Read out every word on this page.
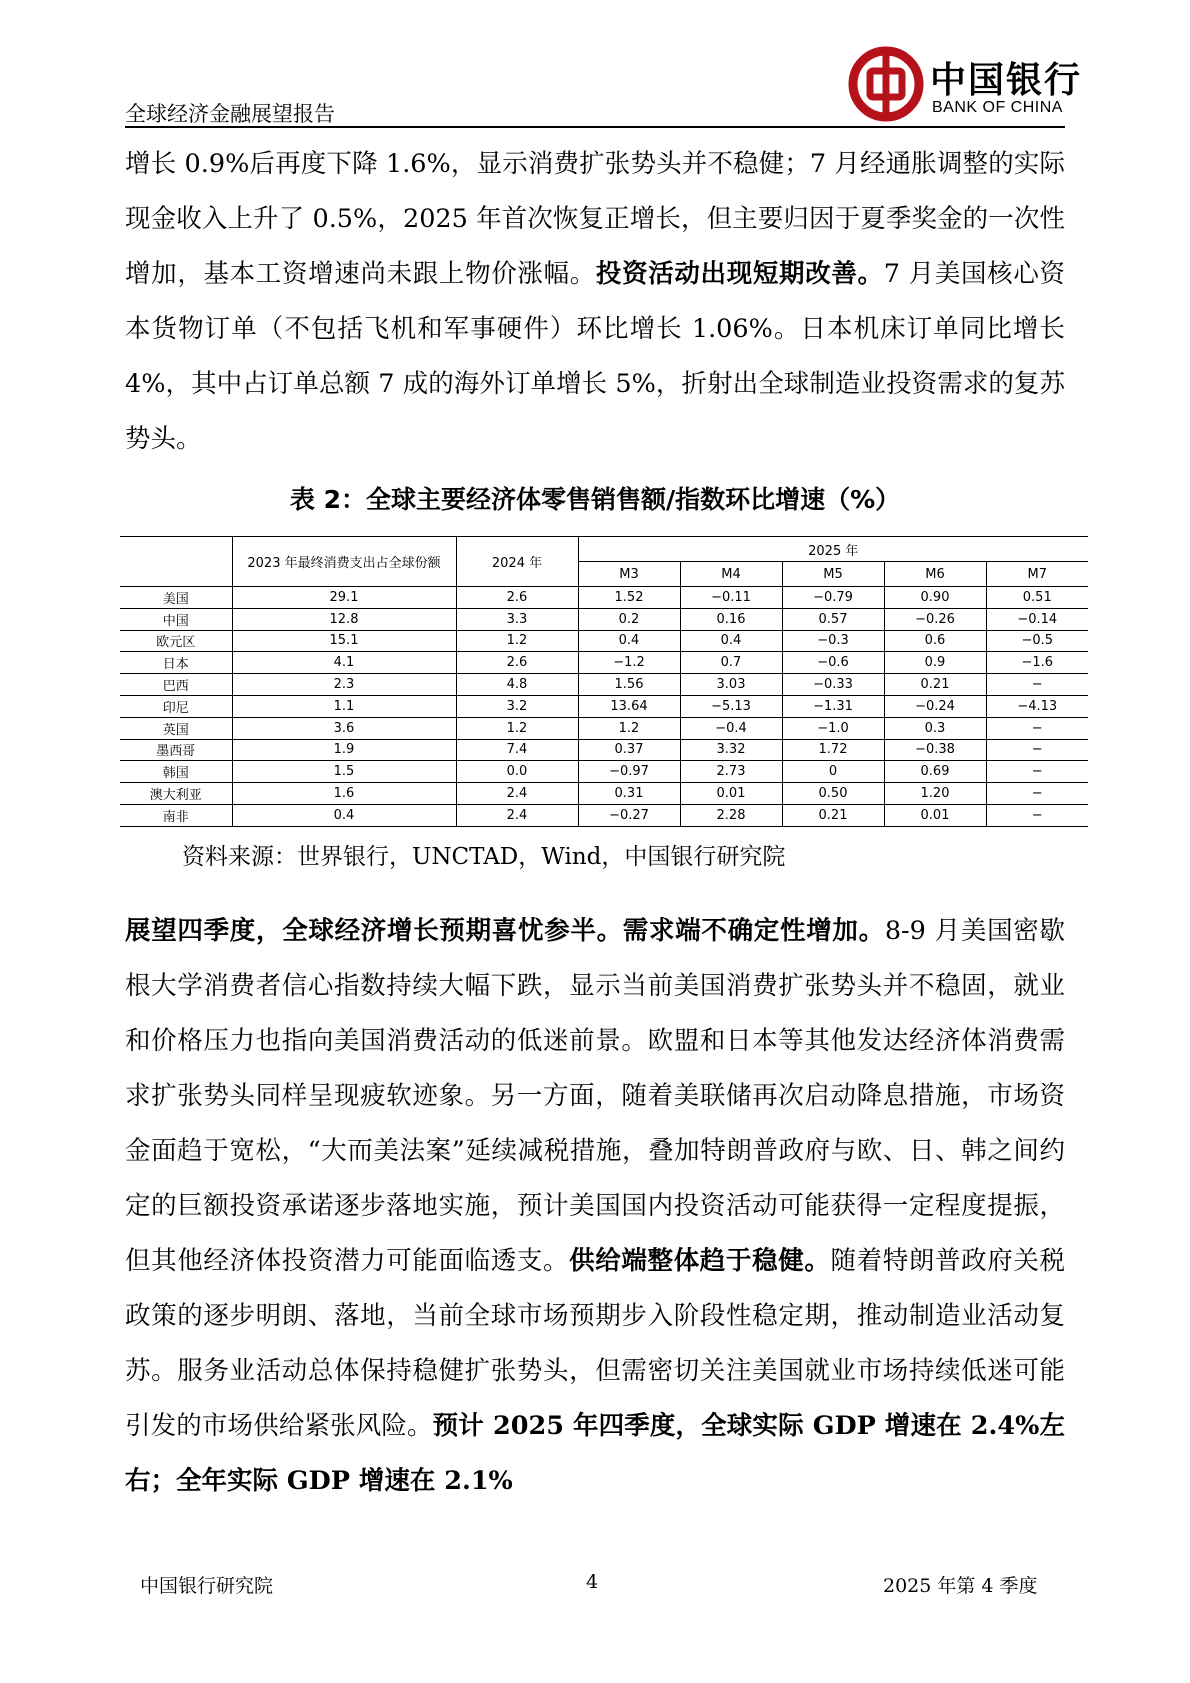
全球经济金融展望报告
中国银行
BANK OF CHINA
增长 0.9%后再度下降 1.6%，显示消费扩张势头并不稳健；7 月经通胀调整的实际现金收入上升了 0.5%，2025 年首次恢复正增长，但主要归因于夏季奖金的一次性增加，基本工资增速尚未跟上物价涨幅。投资活动出现短期改善。7 月美国核心资本货物订单（不包括飞机和军事硬件）环比增长 1.06%。日本机床订单同比增长 4%，其中占订单总额 7 成的海外订单增长 5%，折射出全球制造业投资需求的复苏势头。
表 2：全球主要经济体零售销售额/指数环比增速（%）
	2023 年最终消费支出占全球份额	2024 年	2025 年				
			M3	M4	M5	M6	M7
美国	29.1	2.6	1.52	−0.11	−0.79	0.90	0.51
中国	12.8	3.3	0.2	0.16	0.57	−0.26	−0.14
欧元区	15.1	1.2	0.4	0.4	−0.3	0.6	−0.5
日本	4.1	2.6	−1.2	0.7	−0.6	0.9	−1.6
巴西	2.3	4.8	1.56	3.03	−0.33	0.21	−
印尼	1.1	3.2	13.64	−5.13	−1.31	−0.24	−4.13
英国	3.6	1.2	1.2	−0.4	−1.0	0.3	−
墨西哥	1.9	7.4	0.37	3.32	1.72	−0.38	−
韩国	1.5	0.0	−0.97	2.73	0	0.69	−
澳大利亚	1.6	2.4	0.31	0.01	0.50	1.20	−
南非	0.4	2.4	−0.27	2.28	0.21	0.01	−
资料来源：世界银行，UNCTAD，Wind，中国银行研究院
展望四季度，全球经济增长预期喜忧参半。需求端不确定性增加。8-9 月美国密歇根大学消费者信心指数持续大幅下跌，显示当前美国消费扩张势头并不稳固，就业和价格压力也指向美国消费活动的低迷前景。欧盟和日本等其他发达经济体消费需求扩张势头同样呈现疲软迹象。另一方面，随着美联储再次启动降息措施，市场资金面趋于宽松，“大而美法案”延续减税措施，叠加特朗普政府与欧、日、韩之间约定的巨额投资承诺逐步落地实施，预计美国国内投资活动可能获得一定程度提振，但其他经济体投资潜力可能面临透支。供给端整体趋于稳健。随着特朗普政府关税政策的逐步明朗、落地，当前全球市场预期步入阶段性稳定期，推动制造业活动复苏。服务业活动总体保持稳健扩张势头，但需密切关注美国就业市场持续低迷可能引发的市场供给紧张风险。预计 2025 年四季度，全球实际 GDP 增速在 2.4%左右；全年实际 GDP 增速在 2.1%
中国银行研究院	4	2025 年第 4 季度
